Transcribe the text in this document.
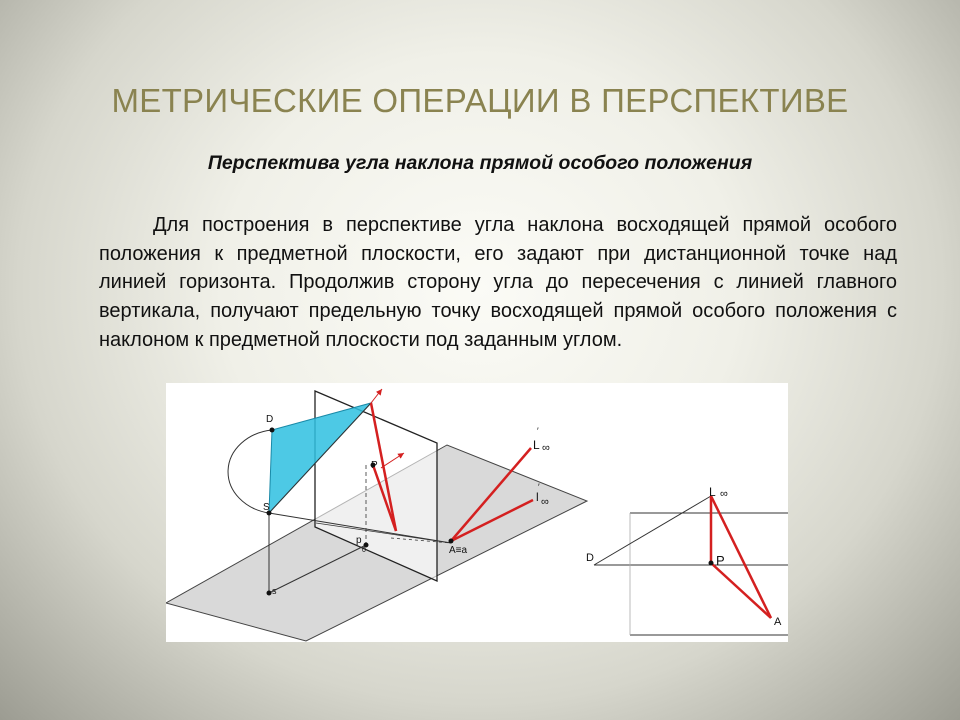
МЕТРИЧЕСКИЕ ОПЕРАЦИИ В ПЕРСПЕКТИВЕ
Перспектива угла наклона прямой особого положения

Для построения в перспективе угла наклона восходящей прямой особого положения к предметной плоскости, его задают при дистанционной точке над линией горизонта. Продолжив сторону угла до пересечения с линией главного вертикала, получают предельную точку восходящей прямой особого положения с наклоном к предметной плоскости под заданным углом.

D
S
s
P
p
0	A≡a
L ∞
′
l ∞
′	L ∞
D	P
A
